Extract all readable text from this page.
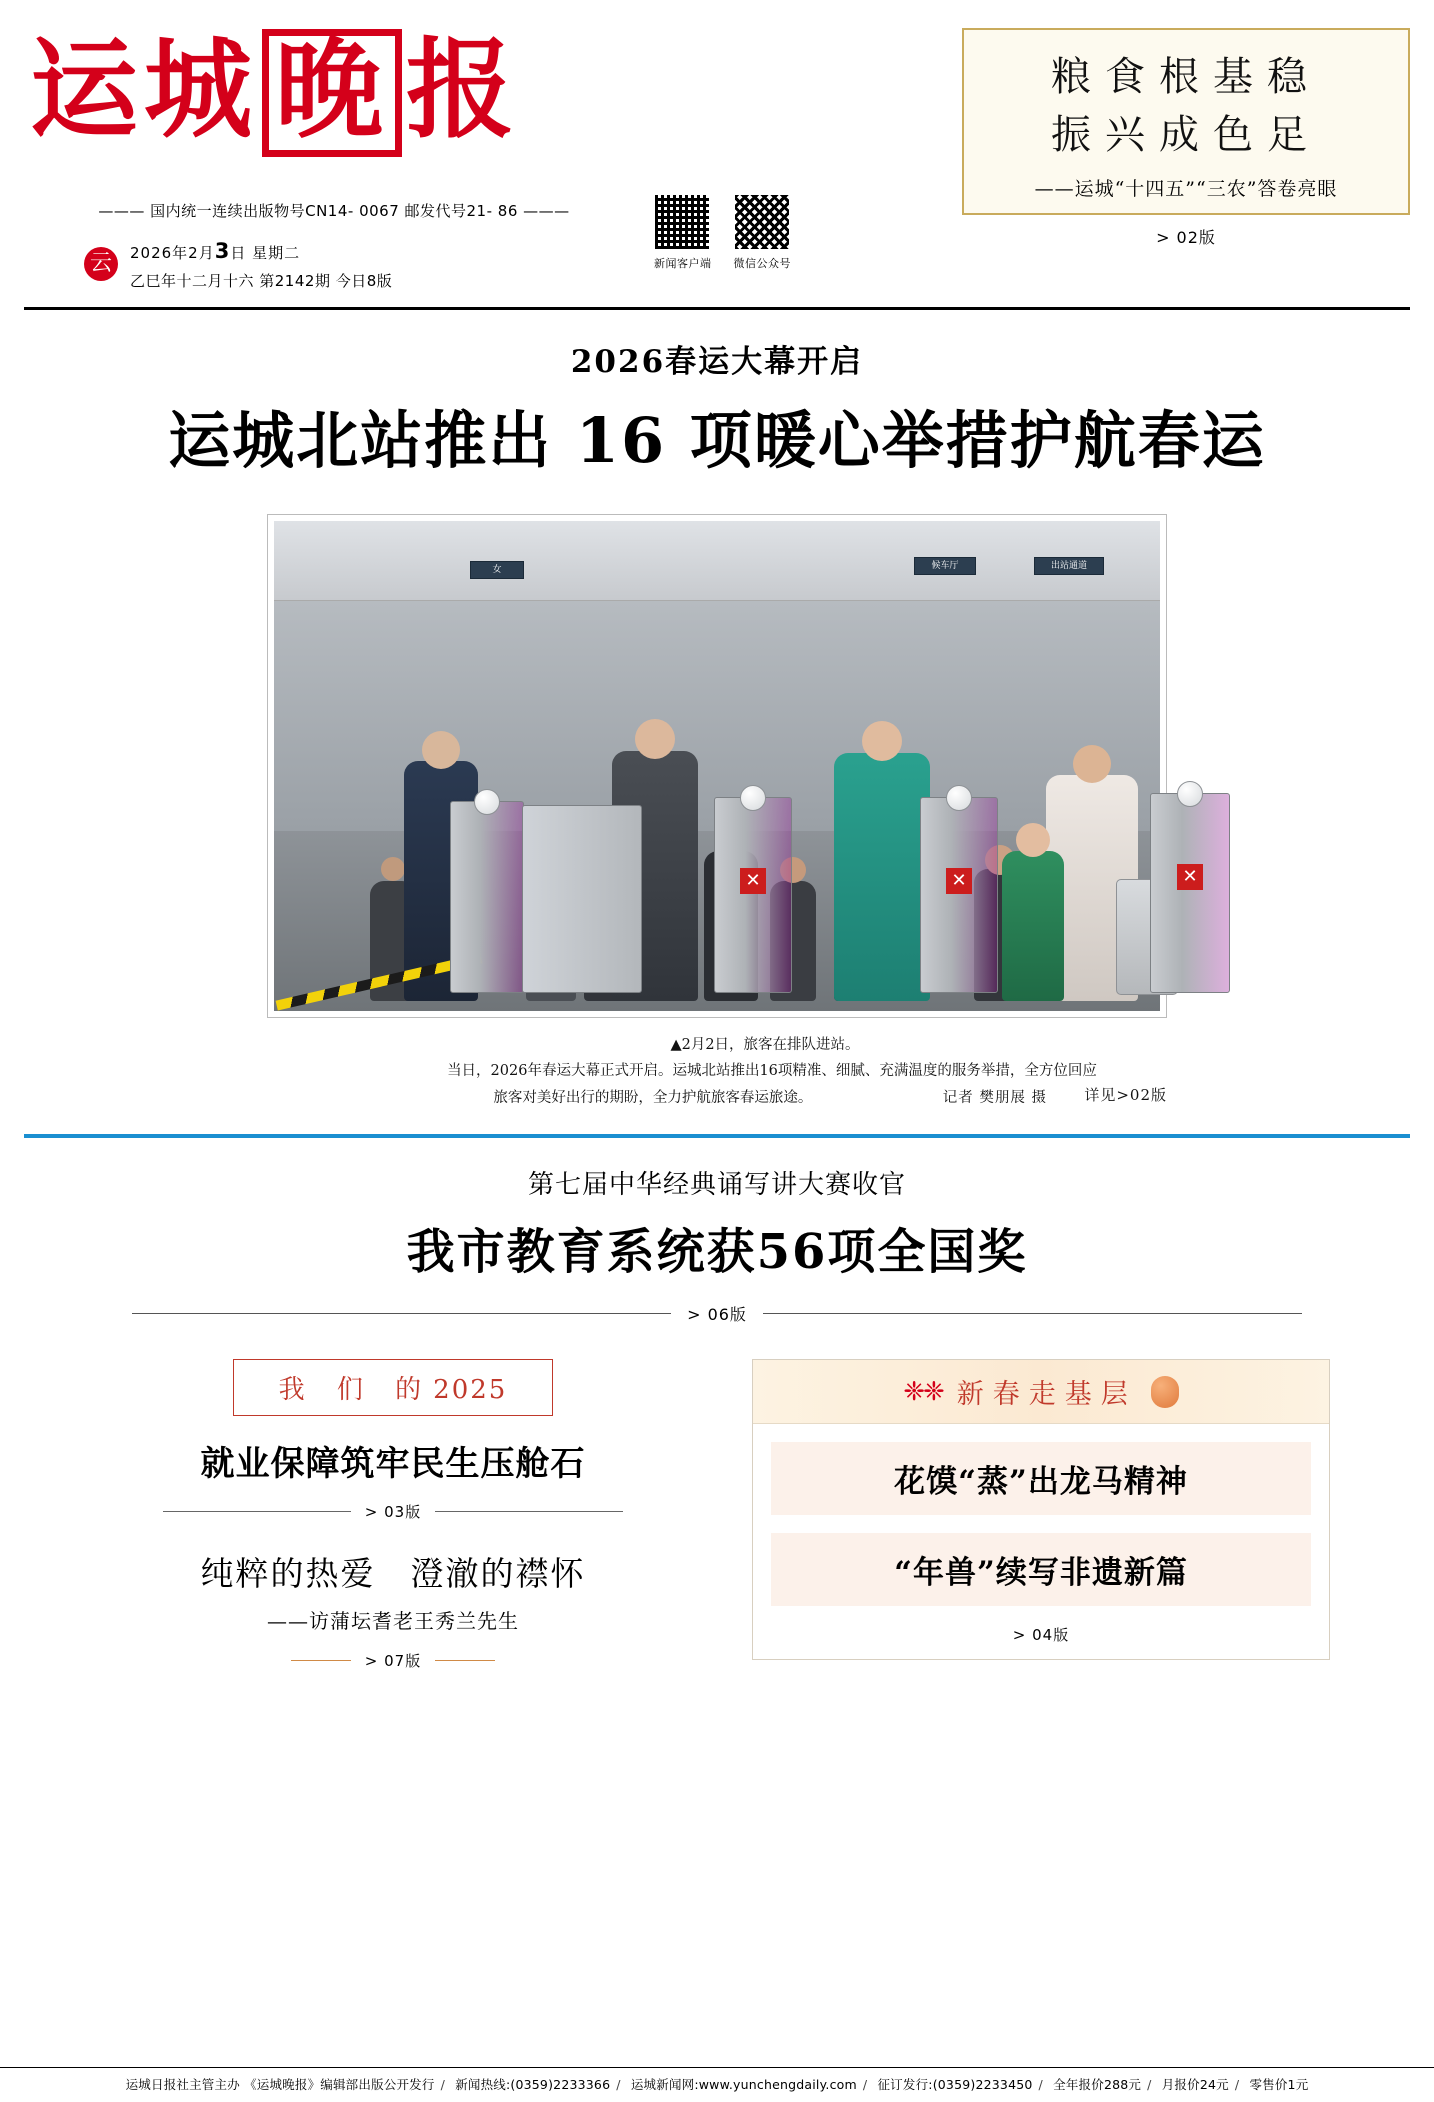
运城 晚 报
——— 国内统一连续出版物号CN14- 0067 邮发代号21- 86 ———
云	2026年2月3日 星期二
乙巳年十二月十六 第2142期 今日8版
新闻客户端 微信公众号
粮食根基稳
振兴成色足
——运城“十四五”“三农”答卷亮眼
> 02版
2026春运大幕开启
运城北站推出 16 项暖心举措护航春运
女	候车厅	出站通道
✕	✕	✕
▲2月2日，旅客在排队进站。
当日，2026年春运大幕正式开启。运城北站推出16项精准、细腻、充满温度的服务举措，全方位回应
旅客对美好出行的期盼，全力护航旅客春运旅途。	记者 樊朋展 摄 详见>02版
第七届中华经典诵写讲大赛收官
我市教育系统获56项全国奖
> 06版
我 们 的2025
就业保障筑牢民生压舱石
> 03版
纯粹的热爱　澄澈的襟怀
——访蒲坛耆老王秀兰先生
> 07版
❈❈ 新春走基层
花馍“蒸”出龙马精神
“年兽”续写非遗新篇
> 04版
运城日报社主管主办 《运城晚报》编辑部出版公开发行 / 新闻热线:(0359)2233366 / 运城新闻网:www.yunchengdaily.com / 征订发行:(0359)2233450 / 全年报价288元 / 月报价24元 / 零售价1元
